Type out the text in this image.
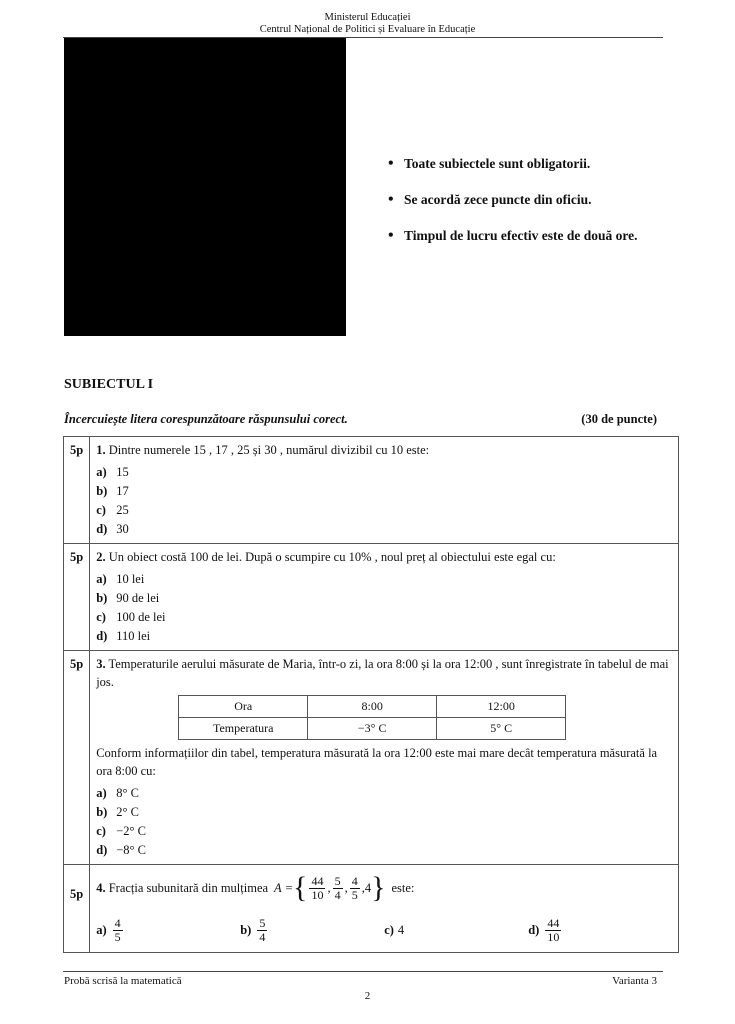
Ministerul Educației
Centrul Național de Politici și Evaluare în Educație
• Toate subiectele sunt obligatorii.
• Se acordă zece puncte din oficiu.
• Timpul de lucru efectiv este de două ore.
SUBIECTUL I
Încercuiește litera corespunzătoare răspunsului corect.	(30 de puncte)
5p	1. Dintre numerele 15 , 17 , 25 și 30 , numărul divizibil cu 10 este:
a) 15
b) 17
c) 25
d) 30

5p	2. Un obiect costă 100 de lei. După o scumpire cu 10% , noul preț al obiectului este egal cu:
a) 10 lei
b) 90 de lei
c) 100 de lei
d) 110 lei

5p	3. Temperaturile aerului măsurate de Maria, într-o zi, la ora 8:00 și la ora 12:00 , sunt înregistrate în tabelul de mai jos.
Ora	8:00	12:00
Temperatura	−3° C	5° C
Conform informațiilor din tabel, temperatura măsurată la ora 12:00 este mai mare decât temperatura măsurată la ora 8:00 cu:
a) 8° C
b) 2° C
c) −2° C
d) −8° C

5p	4.
Fracția subunitară din mulțimea A = { $\frac{44}{10}$ , $\frac{5}{4}$ , $\frac{4}{5}$ , 4 } este:
$a) \frac{4}{5}$	$b) \frac{5}{4}$	c) 4	$d) \frac{44}{10}$
Probă scrisă la matematică	Varianta 3
2
